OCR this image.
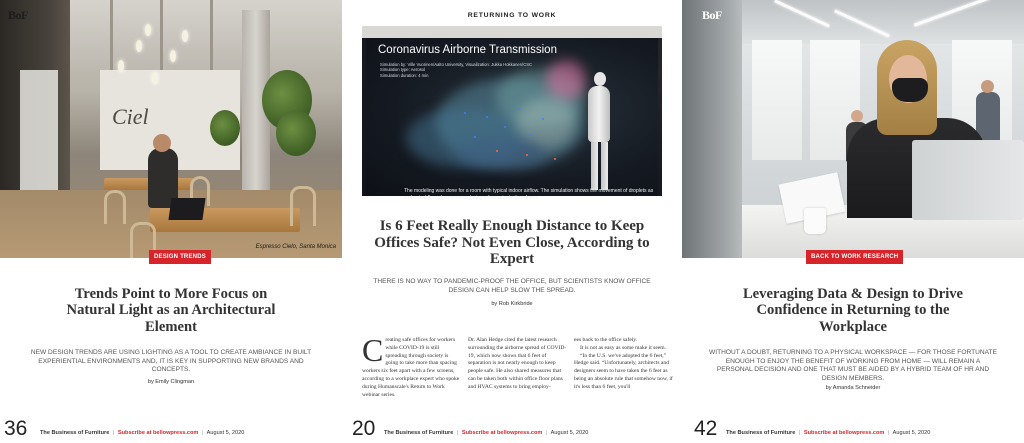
Ciel
Espresso Cielo, Santa Monica
BoF
DESIGN TRENDS
Trends Point to More Focus on Natural Light as an Architectural Element
NEW DESIGN TRENDS ARE USING LIGHTING AS A TOOL TO CREATE AMBIANCE IN BUILT EXPERIENTIAL ENVIRONMENTS AND, IT IS KEY IN SUPPORTING NEW BRANDS AND CONCEPTS.
by Emily Clingman
36 The Business of Furniture | Subscribe at bellowpress.com | August 5, 2020
RETURNING TO WORK
Coronavirus Airborne Transmission
Simulation by: Ville Vuorinen/Aalto University, Visualization: Jukka Hokkanen/CSC
Simulation type: Aerosol
Simulation duration: 4 min
The modeling was done for a room with typical indoor airflow. The simulation shows the movement of droplets as a physical flow phenomenon during a four-minute time frame.
Is 6 Feet Really Enough Distance to Keep Offices Safe? Not Even Close, According to Expert
THERE IS NO WAY TO PANDEMIC-PROOF THE OFFICE, BUT SCIENTISTS KNOW OFFICE DESIGN CAN HELP SLOW THE SPREAD.
by Rob Kirkbride
Creating safe offices for workers while COVID-19 is still spreading through society is going to take more than spacing workers six feet apart with a few screens, according to a workplace expert who spoke during Humanscale's Return to Work webinar series.
Dr. Alan Hedge cited the latest research surrounding the airborne spread of COVID-19, which now shows that 6 feet of separation is not nearly enough to keep people safe. He also shared measures that can be taken both within office floor plans and HVAC systems to bring employ-
ees back to the office safely.
It is not as easy as some make it seem.
“In the U.S. we've adopted the 6 feet,” Hedge said. “Unfortunately, architects and designers seem to have taken the 6 feet as being an absolute rule that somehow now, if it's less than 6 feet, you'll
20 The Business of Furniture | Subscribe at bellowpress.com | August 5, 2020
BoF
BACK TO WORK RESEARCH
Leveraging Data & Design to Drive Confidence in Returning to the Workplace
WITHOUT A DOUBT, RETURNING TO A PHYSICAL WORKSPACE — FOR THOSE FORTUNATE ENOUGH TO ENJOY THE BENEFIT OF WORKING FROM HOME — WILL REMAIN A PERSONAL DECISION AND ONE THAT MUST BE AIDED BY A HYBRID TEAM OF HR AND DESIGN MEMBERS.
by Amanda Schneider
42 The Business of Furniture | Subscribe at bellowpress.com | August 5, 2020
